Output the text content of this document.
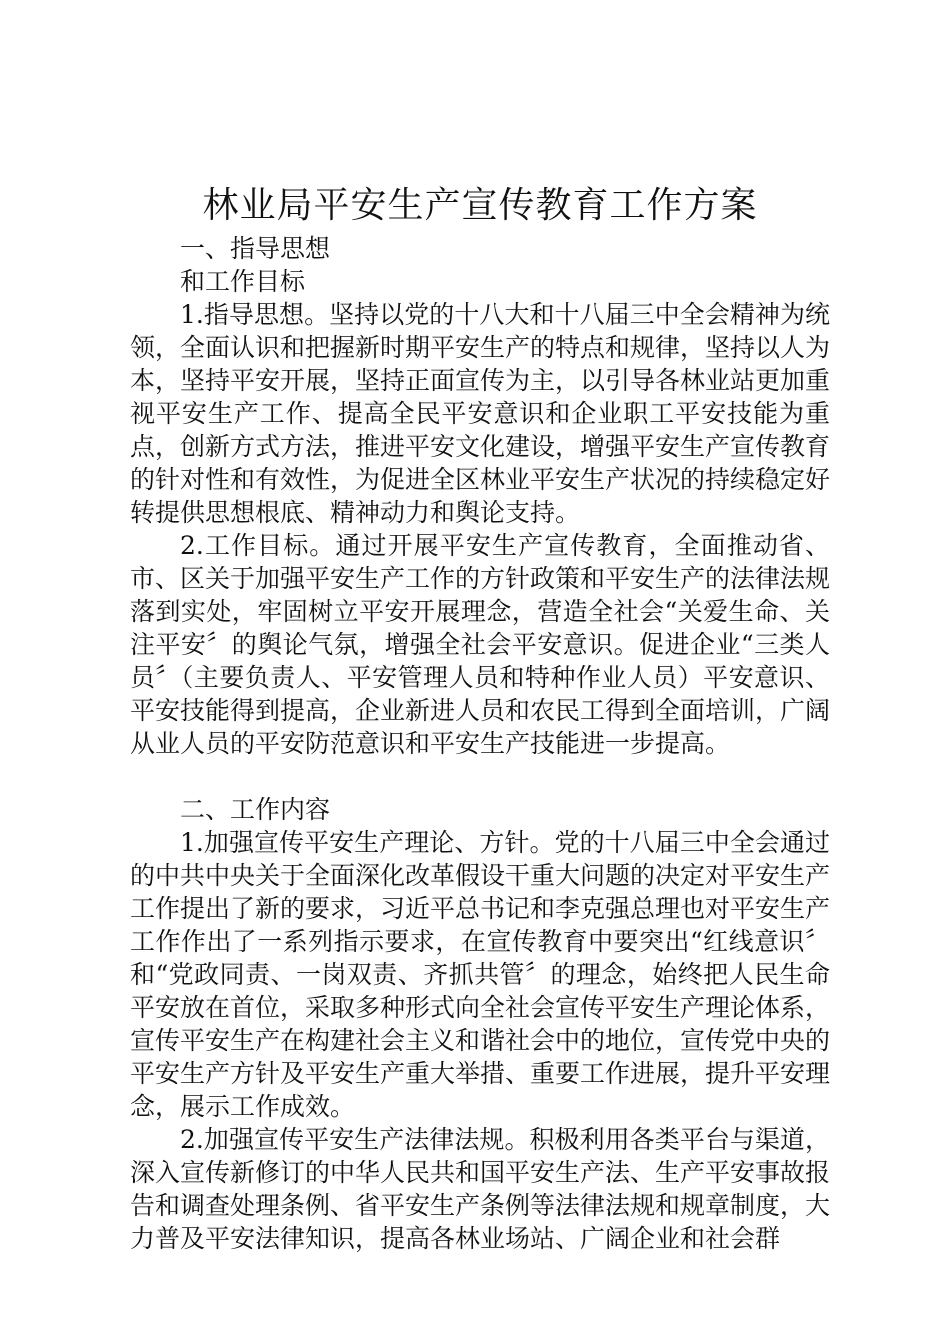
林业局平安生产宣传教育工作方案

一、指导思想

和工作目标

1.指导思想。坚持以党的十八大和十八届三中全会精神为统领，全面认识和把握新时期平安生产的特点和规律，坚持以人为本，坚持平安开展，坚持正面宣传为主，以引导各林业站更加重视平安生产工作、提高全民平安意识和企业职工平安技能为重点，创新方式方法，推进平安文化建设，增强平安生产宣传教育的针对性和有效性，为促进全区林业平安生产状况的持续稳定好转提供思想根底、精神动力和舆论支持。

2.工作目标。通过开展平安生产宣传教育，全面推动省、市、区关于加强平安生产工作的方针政策和平安生产的法律法规落到实处，牢固树立平安开展理念，营造全社会“关爱生命、关注平安〞的舆论气氛，增强全社会平安意识。促进企业“三类人员〞（主要负责人、平安管理人员和特种作业人员）平安意识、平安技能得到提高，企业新进人员和农民工得到全面培训，广阔从业人员的平安防范意识和平安生产技能进一步提高。

二、工作内容

1.加强宣传平安生产理论、方针。党的十八届三中全会通过的中共中央关于全面深化改革假设干重大问题的决定对平安生产工作提出了新的要求，习近平总书记和李克强总理也对平安生产工作作出了一系列指示要求，在宣传教育中要突出“红线意识〞和“党政同责、一岗双责、齐抓共管〞的理念，始终把人民生命平安放在首位，采取多种形式向全社会宣传平安生产理论体系，宣传平安生产在构建社会主义和谐社会中的地位，宣传党中央的平安生产方针及平安生产重大举措、重要工作进展，提升平安理念，展示工作成效。

2.加强宣传平安生产法律法规。积极利用各类平台与渠道，深入宣传新修订的中华人民共和国平安生产法、生产平安事故报告和调查处理条例、省平安生产条例等法律法规和规章制度，大力普及平安法律知识，提高各林业场站、广阔企业和社会群
